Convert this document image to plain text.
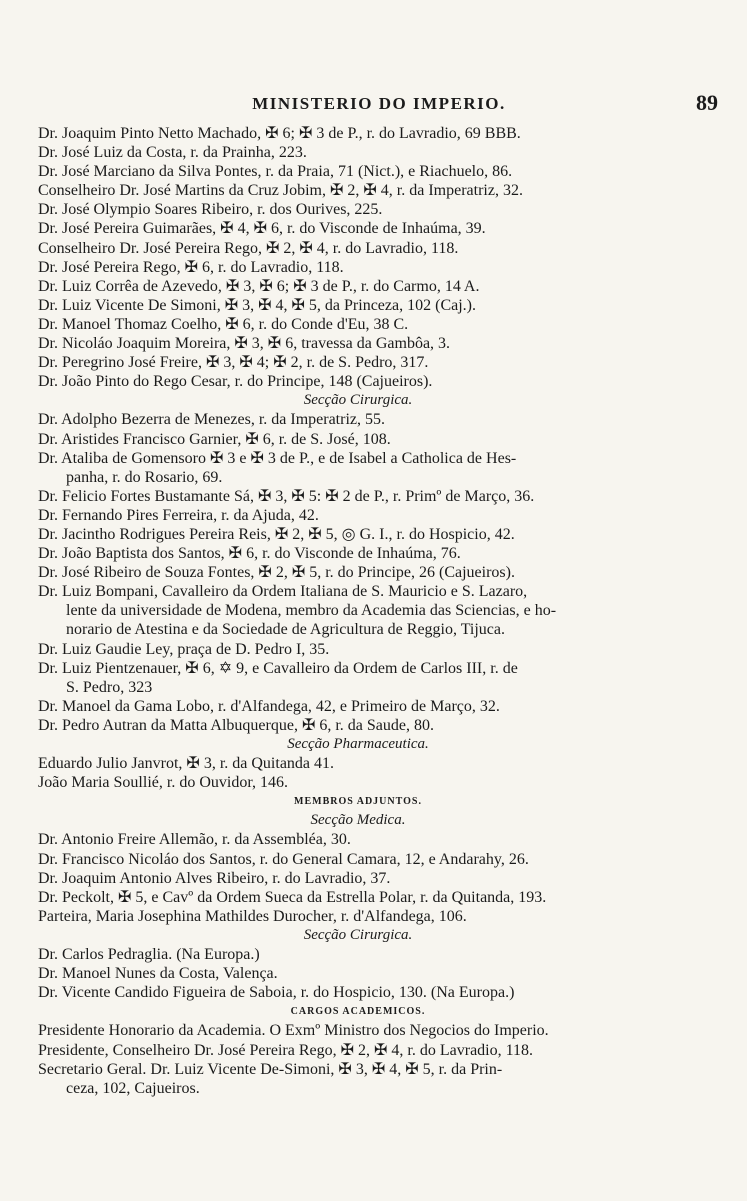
MINISTERIO DO IMPERIO.	89
Dr. Joaquim Pinto Netto Machado, ✠ 6; ✠ 3 de P., r. do Lavradio, 69 BBB.
Dr. José Luiz da Costa, r. da Prainha, 223.
Dr. José Marciano da Silva Pontes, r. da Praia, 71 (Nict.), e Riachuelo, 86.
Conselheiro Dr. José Martins da Cruz Jobim, ✠ 2, ✠ 4, r. da Imperatriz, 32.
Dr. José Olympio Soares Ribeiro, r. dos Ourives, 225.
Dr. José Pereira Guimarães, ✠ 4, ✠ 6, r. do Visconde de Inhaúma, 39.
Conselheiro Dr. José Pereira Rego, ✠ 2, ✠ 4, r. do Lavradio, 118.
Dr. José Pereira Rego, ✠ 6, r. do Lavradio, 118.
Dr. Luiz Corrêa de Azevedo, ✠ 3, ✠ 6; ✠ 3 de P., r. do Carmo, 14 A.
Dr. Luiz Vicente De Simoni, ✠ 3, ✠ 4, ✠ 5, da Princeza, 102 (Caj.).
Dr. Manoel Thomaz Coelho, ✠ 6, r. do Conde d'Eu, 38 C.
Dr. Nicoláo Joaquim Moreira, ✠ 3, ✠ 6, travessa da Gambôa, 3.
Dr. Peregrino José Freire, ✠ 3, ✠ 4; ✠ 2, r. de S. Pedro, 317.
Dr. João Pinto do Rego Cesar, r. do Principe, 148 (Cajueiros).
Secção Cirurgica.
Dr. Adolpho Bezerra de Menezes, r. da Imperatriz, 55.
Dr. Aristides Francisco Garnier, ✠ 6, r. de S. José, 108.
Dr. Ataliba de Gomensoro ✠ 3 e ✠ 3 de P., e de Isabel a Catholica de Hes-
panha, r. do Rosario, 69.
Dr. Felicio Fortes Bustamante Sá, ✠ 3, ✠ 5: ✠ 2 de P., r. Primº de Março, 36.
Dr. Fernando Pires Ferreira, r. da Ajuda, 42.
Dr. Jacintho Rodrigues Pereira Reis, ✠ 2, ✠ 5, ◎ G. I., r. do Hospicio, 42.
Dr. João Baptista dos Santos, ✠ 6, r. do Visconde de Inhaúma, 76.
Dr. José Ribeiro de Souza Fontes, ✠ 2, ✠ 5, r. do Principe, 26 (Cajueiros).
Dr. Luiz Bompani, Cavalleiro da Ordem Italiana de S. Mauricio e S. Lazaro,
lente da universidade de Modena, membro da Academia das Sciencias, e ho-
norario de Atestina e da Sociedade de Agricultura de Reggio, Tijuca.
Dr. Luiz Gaudie Ley, praça de D. Pedro I, 35.
Dr. Luiz Pientzenauer, ✠ 6, ✡ 9, e Cavalleiro da Ordem de Carlos III, r. de
S. Pedro, 323
Dr. Manoel da Gama Lobo, r. d'Alfandega, 42, e Primeiro de Março, 32.
Dr. Pedro Autran da Matta Albuquerque, ✠ 6, r. da Saude, 80.
Secção Pharmaceutica.
Eduardo Julio Janvrot, ✠ 3, r. da Quitanda 41.
João Maria Soullié, r. do Ouvidor, 146.
MEMBROS ADJUNTOS.
Secção Medica.
Dr. Antonio Freire Allemão, r. da Assembléa, 30.
Dr. Francisco Nicoláo dos Santos, r. do General Camara, 12, e Andarahy, 26.
Dr. Joaquim Antonio Alves Ribeiro, r. do Lavradio, 37.
Dr. Peckolt, ✠ 5, e Cavº da Ordem Sueca da Estrella Polar, r. da Quitanda, 193.
Parteira, Maria Josephina Mathildes Durocher, r. d'Alfandega, 106.
Secção Cirurgica.
Dr. Carlos Pedraglia. (Na Europa.)
Dr. Manoel Nunes da Costa, Valença.
Dr. Vicente Candido Figueira de Saboia, r. do Hospicio, 130. (Na Europa.)
CARGOS ACADEMICOS.
Presidente Honorario da Academia. O Exmº Ministro dos Negocios do Imperio.
Presidente, Conselheiro Dr. José Pereira Rego, ✠ 2, ✠ 4, r. do Lavradio, 118.
Secretario Geral. Dr. Luiz Vicente De-Simoni, ✠ 3, ✠ 4, ✠ 5, r. da Prin-
ceza, 102, Cajueiros.
